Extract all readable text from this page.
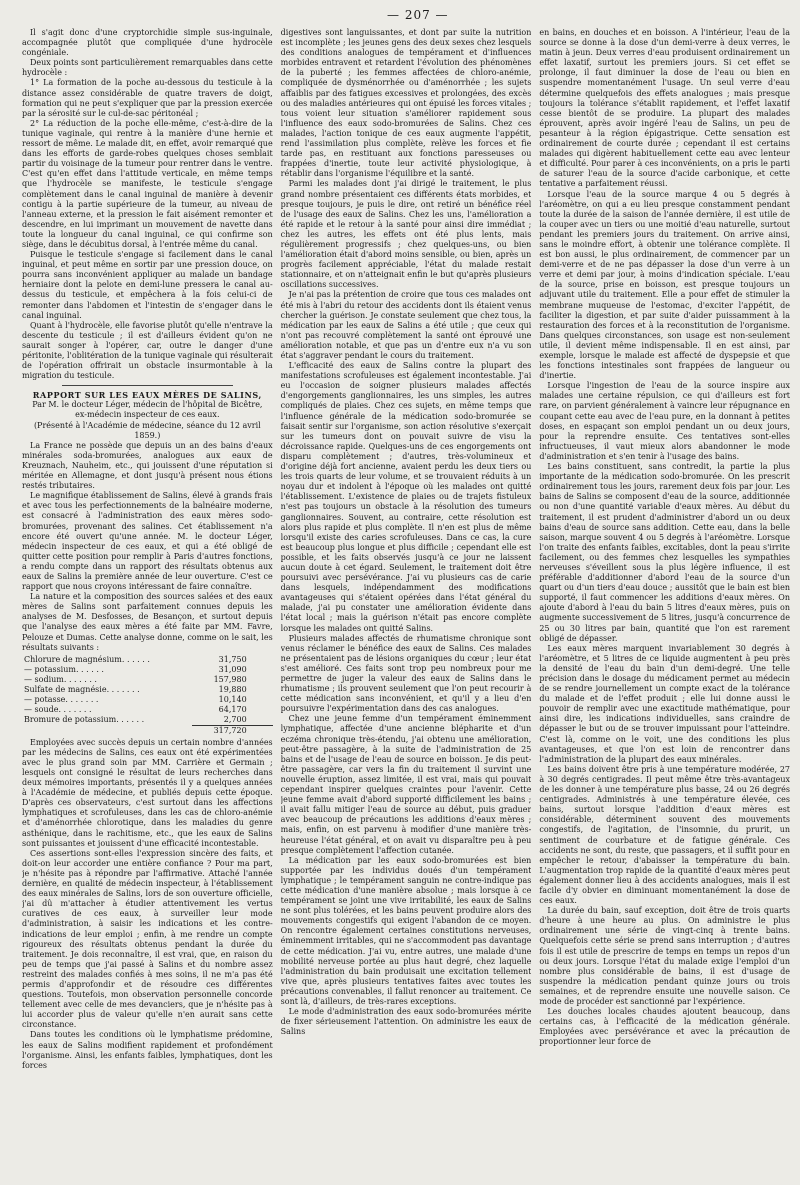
— 207 —

Il s'agit donc d'une cryptorchidie simple sus-inguinale, accompagnée plutôt que compliquée d'une hydrocèle congéniale.

Deux points sont particulièrement remarquables dans cette hydrocèle :

1° La formation de la poche au-dessous du testicule à la distance assez considérable de quatre travers de doigt, formation qui ne peut s'expliquer que par la pression exercée par la sérosité sur le cul-de-sac péritonéal ;

2° La réduction de la poche elle-même, c'est-à-dire de la tunique vaginale, qui rentre à la manière d'une hernie et ressort de même. Le malade dit, en effet, avoir remarqué que dans les efforts de garde-robes quelques choses semblait partir du voisinage de la tumeur pour rentrer dans le ventre. C'est qu'en effet dans l'attitude verticale, en même temps que l'hydrocèle se manifeste, le testicule s'engage complètement dans le canal inguinal de manière à devenir contigu à la partie supérieure de la tumeur, au niveau de l'anneau externe, et la pression le fait aisément remonter et descendre, en lui imprimant un mouvement de navette dans toute la longueur du canal inguinal, ce qui confirme son siège, dans le décubitus dorsal, à l'entrée même du canal.

Puisque le testicule s'engage si facilement dans le canal inguinal, et peut même en sortir par une pression douce, on pourra sans inconvénient appliquer au malade un bandage herniaire dont la pelote en demi-lune presserа le canal au-dessus du testicule, et empêchera à la fois celui-ci de remonter dans l'abdomen et l'intestin de s'engager dans le canal inguinal.

Quant à l'hydrocèle, elle favorise plutôt qu'elle n'entrave la descente du testicule ; il est d'ailleurs évident qu'on ne saurait songer à l'opérer, car, outre le danger d'une péritonite, l'oblitération de la tunique vaginale qui résulterait de l'opération offrirait un obstacle insurmontable à la migration du testicule.

RAPPORT SUR LES EAUX MÈRES DE SALINS,

Par M. le docteur Léger, médecin de l'hôpital de Bicêtre,

ex-médecin inspecteur de ces eaux.

(Présenté à l'Académie de médecine, séance du 12 avril 1859.)

La France ne possède que depuis un an des bains d'eaux minérales soda-bromurées, analogues aux eaux de Kreuznach, Nauheim, etc., qui jouissent d'une réputation si méritée en Allemagne, et dont jusqu'à présent nous étions restés tributaires.

Le magnifique établissement de Salins, élevé à grands frais et avec tous les perfectionnements de la balnéaire moderne, est consacré à l'administration des eaux mères sodo-bromurées, provenant des salines. Cet établissement n'a encore été ouvert qu'une année. M. le docteur Léger, médecin inspecteur de ces eaux, et qui a été obligé de quitter cette position pour remplir à Paris d'autres fonctions, a rendu compte dans un rapport des résultats obtenus aux eaux de Salins la première année de leur ouverture. C'est ce rapport que nous croyons intéressant de faire connaître.

La nature et la composition des sources salées et des eaux mères de Salins sont parfaitement connues depuis les analyses de M. Desfosses, de Besançon, et surtout depuis que l'analyse des eaux mères a été faite par MM. Favre, Pelouze et Dumas. Cette analyse donne, comme on le sait, les résultats suivants :

Chlorure de magnésium. . . . . .	31,750
— potassium. . . . . .	31,090
— sodium. . . . . . .	157,980
Sulfate de magnésie. . . . . . .	19,880
— potasse. . . . . . .	10,140
— soude. . . . . . .	64,170
Bromure de potassium. . . . . .	2,700
	317,720

Employées avec succès depuis un certain nombre d'années par les médecins de Salins, ces eaux ont été expérimentées avec le plus grand soin par MM. Carrière et Germain ; lesquels ont consigné le résultat de leurs recherches dans deux mémoires importants, présentés il y a quelques années à l'Académie de médecine, et publiés depuis cette époque. D'après ces observateurs, c'est surtout dans les affections lymphatiques et scrofuleuses, dans les cas de chloro-anémie et d'aménorrhée chlorotique, dans les maladies du genre asthénique, dans le rachitisme, etc., que les eaux de Salins sont puissantes et jouissent d'une efficacité incontestable.

Ces assertions sont-elles l'expression sincère des faits, et doit-on leur accorder une entière confiance ? Pour ma part, je n'hésite pas à répondre par l'affirmative. Attaché l'année dernière, en qualité de médecin inspecteur, à l'établissement des eaux minérales de Salins, lors de son ouverture officielle, j'ai dû m'attacher à étudier attentivement les vertus curatives de ces eaux, à surveiller leur mode d'administration, à saisir les indications et les contre-indications de leur emploi ; enfin, à me rendre un compte rigoureux des résultats obtenus pendant la durée du traitement. Je dois reconnaître, il est vrai, que, en raison du peu de temps que j'ai passé à Salins et du nombre assez restreint des malades confiés à mes soins, il ne m'a pas été permis d'approfondir et de résoudre ces différentes questions. Toutefois, mon observation personnelle concorde tellement avec celle de mes devanciers, que je n'hésite pas à lui accorder plus de valeur qu'elle n'en aurait sans cette circonstance.

Dans toutes les conditions où le lymphatisme prédomine, les eaux de Salins modifient rapidement et profondément l'organisme. Ainsi, les enfants faibles, lymphatiques, dont les forces

digestives sont languissantes, et dont par suite la nutrition est incomplète ; les jeunes gens des deux sexes chez lesquels des conditions analogues de tempérament et d'influences morbides entravent et retardent l'évolution des phénomènes de la puberté ; les femmes affectées de chloro-anémie, compliquée de dysménorrhée ou d'aménorrhée ; les sujets affaiblis par des fatigues excessives et prolongées, des excès ou des maladies antérieures qui ont épuisé les forces vitales ; tous voient leur situation s'améliorer rapidement sous l'influence des eaux sodo-bromurées de Salins. Chez ces malades, l'action tonique de ces eaux augmente l'appétit, rend l'assimilation plus complète, relève les forces et fie tarde pas, en restituant aux fonctions paresseuses ou frappées d'inertie, toute leur activité physiologique, à rétablir dans l'organisme l'équilibre et la santé.

Parmi les malades dont j'ai dirigé le traitement, le plus grand nombre présentaient ces différents états morbides, et presque toujours, je puis le dire, ont retiré un bénéfice réel de l'usage des eaux de Salins. Chez les uns, l'amélioration a été rapide et le retour à la santé pour ainsi dire immédiat ; chez les autres, les effets ont été plus lents, mais régulièrement progressifs ; chez quelques-uns, ou bien l'amélioration était d'abord moins sensible, ou bien, après un progrès facilement appréciable, l'état du malade restait stationnaire, et on n'atteignait enfin le but qu'après plusieurs oscillations successives.

Je n'ai pas la prétention de croire que tous ces malades ont été mis à l'abri du retour des accidents dont ils étaient venus chercher la guérison. Je constate seulement que chez tous, la médication par les eaux de Salins a été utile ; que ceux qui n'ont pas recouvré complètement la santé ont éprouvé une amélioration notable, et que pas un d'entre eux n'a vu son état s'aggraver pendant le cours du traitement.

L'efficacité des eaux de Salins contre la plupart des manifestations scrofuleuses est également incontestable. J'ai eu l'occasion de soigner plusieurs malades affectés d'engorgements ganglionnaires, les uns simples, les autres compliqués de plaies. Chez ces sujets, en même temps que l'influence générale de la médication sodo-bromurée se faisait sentir sur l'organisme, son action résolutive s'exerçait sur les tumeurs dont on pouvait suivre de visu la décroissance rapide. Quelques-uns de ces engorgements ont disparu complètement ; d'autres, très-volumineux et d'origine déjà fort ancienne, avaient perdu les deux tiers ou les trois quarts de leur volume, et se trouvaient réduits à un noyau dur et indolent à l'époque où les malades ont quitté l'établissement. L'existence de plaies ou de trajets fistuleux n'est pas toujours un obstacle à la résolution des tumeurs ganglionnaires. Souvent, au contraire, cette résolution est alors plus rapide et plus complète. Il n'en est plus de même lorsqu'il existe des caries scrofuleuses. Dans ce cas, la cure est beaucoup plus longue et plus difficile ; cependant elle est possible, et les faits observés jusqu'à ce jour ne laissent aucun doute à cet égard. Seulement, le traitement doit être poursuivi avec persévérance. J'ai vu plusieurs cas de carie dans lesquels, indépendamment des modifications avantageuses qui s'étaient opérées dans l'état général du malade, j'ai pu constater une amélioration évidente dans l'état local ; mais la guérison n'était pas encore complète lorsque les malades ont quitté Salins.

Plusieurs malades affectés de rhumatisme chronique sont venus réclamer le bénéfice des eaux de Salins. Ces malades ne présentaient pas de lésions organiques du cœur ; leur état s'est amélioré. Ces faits sont trop peu nombreux pour me permettre de juger la valeur des eaux de Salins dans le rhumatisme ; ils prouvent seulement que l'on peut recourir à cette médication sans inconvénient, et qu'il y a lieu d'en poursuivre l'expérimentation dans des cas analogues.

Chez une jeune femme d'un tempérament éminemment lymphatique, affectée d'une ancienne blépharite et d'un eczéma chronique très-étendu, j'ai obtenu une amélioration, peut-être passagère, à la suite de l'administration de 25 bains et de l'usage de l'eau de source en boisson. Je dis peut-être passagère, car vers la fin du traitement il survint une nouvelle éruption, assez limitée, il est vrai, mais qui pouvait cependant inspirer quelques craintes pour l'avenir. Cette jeune femme avait d'abord supporté difficilement les bains ; il avait fallu mitiger l'eau de source au début, puis graduer avec beaucoup de précautions les additions d'eaux mères ; mais, enfin, on est parvenu à modifier d'une manière très-heureuse l'état général, et on avait vu disparaître peu à peu presque complètement l'affection cutanée.

La médication par les eaux sodo-bromurées est bien supportée par les individus doués d'un tempérament lymphatique ; le tempérament sanguin ne contre-indique pas cette médication d'une manière absolue ; mais lorsque à ce tempérament se joint une vive irritabilité, les eaux de Salins ne sont plus tolérées, et les bains peuvent produire alors des mouvements congestifs qui exigent l'abandon de ce moyen. On rencontre également certaines constitutions nerveuses, éminemment irritables, qui ne s'accommodent pas davantage de cette médication. J'ai vu, entre autres, une malade d'une mobilité nerveuse portée au plus haut degré, chez laquelle l'administration du bain produisait une excitation tellement vive que, après plusieurs tentatives faites avec toutes les précautions convenables, il fallut renoncer au traitement. Ce sont là, d'ailleurs, de très-rares exceptions.

Le mode d'administration des eaux sodo-bromurées mérite de fixer sérieusement l'attention. On administre les eaux de Salins

en bains, en douches et en boisson. A l'intérieur, l'eau de la source se donne à la dose d'un demi-verre à deux verres, le matin à jeun. Deux verres d'eau produisent ordinairement un effet laxatif, surtout les premiers jours. Si cet effet se prolonge, il faut diminuer la dose de l'eau ou bien en suspendre momentanément l'usage. Un seul verre d'eau détermine quelquefois des effets analogues ; mais presque toujours la tolérance s'établit rapidement, et l'effet laxatif cesse bientôt de se produire. La plupart des malades éprouvent, après avoir ingéré l'eau de Salins, un peu de pesanteur à la région épigastrique. Cette sensation est ordinairement de courte durée ; cependant il est certains malades qui digèrent habituellement cette eau avec lenteur et difficulté. Pour parer à ces inconvénients, on a pris le parti de saturer l'eau de la source d'acide carbonique, et cette tentative a parfaitement réussi.

Lorsque l'eau de la source marque 4 ou 5 degrés à l'aréomètre, on qui a eu lieu presque constamment pendant toute la durée de la saison de l'année dernière, il est utile de la couper avec un tiers ou une moitié d'eau naturelle, surtout pendant les premiers jours du traitement. On arrive ainsi, sans le moindre effort, à obtenir une tolérance complète. Il est bon aussi, le plus ordinairement, de commencer par un demi-verre et de ne pas dépasser la dose d'un verre à un verre et demi par jour, à moins d'indication spéciale. L'eau de la source, prise en boisson, est presque toujours un adjuvant utile du traitement. Elle a pour effet de stimuler la membrane muqueuse de l'estomac, d'exciter l'appétit, de faciliter la digestion, et par suite d'aider puissamment à la restauration des forces et à la reconstitution de l'organisme. Dans quelques circonstances, son usage est non-seulement utile, il devient même indispensable. Il en est ainsi, par exemple, lorsque le malade est affecté de dyspepsie et que les fonctions intestinales sont frappées de langueur ou d'inertie.

Lorsque l'ingestion de l'eau de la source inspire aux malades une certaine répulsion, ce qui d'ailleurs est fort rare, on parvient généralement à vaincre leur répugnance en coupant cette eau avec de l'eau pure, en la donnant à petites doses, en espaçant son emploi pendant un ou deux jours, pour la reprendre ensuite. Ces tentatives sont-elles infructueuses, il vaut mieux alors abandonner le mode d'administration et s'en tenir à l'usage des bains.

Les bains constituent, sans contredit, la partie la plus importante de la médication sodo-bromurée. On les prescrit ordinairement tous les jours, rarement deux fois par jour. Les bains de Salins se composent d'eau de la source, additionnée ou non d'une quantité variable d'eaux mères. Au début du traitement, il est prudent d'administrer d'abord un ou deux bains d'eau de source sans addition. Cette eau, dans la belle saison, marque souvent 4 ou 5 degrés à l'aréomètre. Lorsque l'on traite des enfants faibles, excitables, dont la peau s'irrite facilement, ou des femmes chez lesquelles les sympathies nerveuses s'éveillent sous la plus légère influence, il est préférable d'additionner d'abord l'eau de la source d'un quart ou d'un tiers d'eau douce ; aussitôt que le bain est bien supporté, il faut commencer les additions d'eaux mères. On ajoute d'abord à l'eau du bain 5 litres d'eaux mères, puis on augmente successivement de 5 litres, jusqu'à concurrence de 25 ou 30 litres par bain, quantité que l'on est rarement obligé de dépasser.

Les eaux mères marquent invariablement 30 degrés à l'aréomètre, et 5 litres de ce liquide augmentent à peu près la densité de l'eau du bain d'un demi-degré. Une telle précision dans le dosage du médicament permet au médecin de se rendre journellement un compte exact de la tolérance du malade et de l'effet produit ; elle lui donne aussi le pouvoir de remplir avec une exactitude mathématique, pour ainsi dire, les indications individuelles, sans craindre de dépasser le but ou de se trouver impuissant pour l'atteindre. C'est là, comme on le voit, une des conditions les plus avantageuses, et que l'on est loin de rencontrer dans l'administration de la plupart des eaux minérales.

Les bains doivent être pris à une température modérée, 27 à 30 degrés centigrades. Il peut même être très-avantageux de les donner à une température plus basse, 24 ou 26 degrés centigrades. Administrés à une température élevée, ces bains, surtout lorsque l'addition d'eaux mères est considérable, déterminent souvent des mouvements congestifs, de l'agitation, de l'insomnie, du prurit, un sentiment de courbature et de fatigue générale. Ces accidents ne sont, du reste, que passagers, et il suffit pour en empêcher le retour, d'abaisser la température du bain. L'augmentation trop rapide de la quantité d'eaux mères peut également donner lieu à des accidents analogues, mais il est facile d'y obvier en diminuant momentanément la dose de ces eaux.

La durée du bain, sauf exception, doit être de trois quarts d'heure à une heure au plus. On administre le plus ordinairement une série de vingt-cinq à trente bains. Quelquefois cette série se prend sans interruption ; d'autres fois il est utile de prescrire de temps en temps un repos d'un ou deux jours. Lorsque l'état du malade exige l'emploi d'un nombre plus considérable de bains, il est d'usage de suspendre la médication pendant quinze jours ou trois semaines, et de reprendre ensuite une nouvelle saison. Ce mode de procéder est sanctionné par l'expérience.

Les douches locales chaudes ajoutent beaucoup, dans certains cas, à l'efficacité de la médication générale. Employées avec persévérance et avec la précaution de proportionner leur force de
